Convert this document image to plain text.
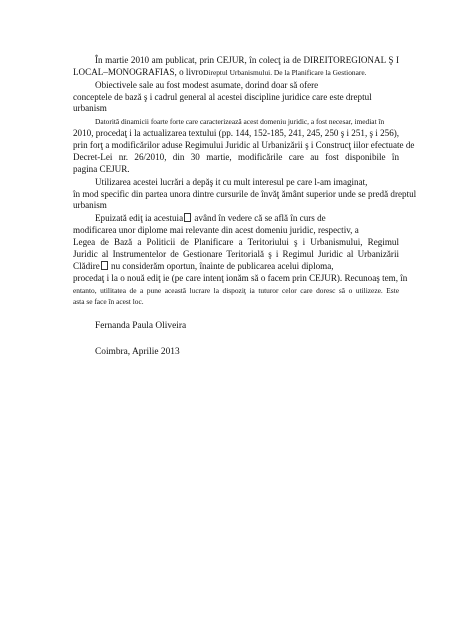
În martie 2010 am publicat, prin CEJUR, în colecţ ia de DIREITOREGIONAL Ş I
LOCAL–MONOGRAFIAS, o livroDireptul Urbanismului. De la Planificare la Gestionare.
Obiectivele sale au fost modest asumate, dorind doar să ofere
conceptele de bază ş i cadrul general al acestei discipline juridice care este dreptul
urbanism
Datorită dinamicii foarte forte care caracterizează acest domeniu juridic, a fost necesar, imediat în
2010, procedaţ i la actualizarea textului (pp. 144, 152-185, 241, 245, 250 ş i 251, ş i 256),
prin forţ a modificărilor aduse Regimului Juridic al Urbanizării ş i Construcţ iilor efectuate de
Decret-Lei nr. 26/2010, din 30 martie, modificările care au fost disponibile în
pagina CEJUR.
Utilizarea acestei lucrări a depăş it cu mult interesul pe care l-am imaginat,
în mod specific din partea unora dintre cursurile de învăţ ământ superior unde se predă dreptul
urbanism
Epuizată ediţ ia acestuia având în vedere că se află în curs de
modificarea unor diplome mai relevante din acest domeniu juridic, respectiv, a
Legea de Bază a Politicii de Planificare a Teritoriului ş i Urbanismului, Regimul
Juridic al Instrumentelor de Gestionare Teritorială ş i Regimul Juridic al Urbanizării
Clădire nu considerăm oportun, înainte de publicarea acelui diploma,
procedaţ i la o nouă ediţ ie (pe care intenţ ionăm să o facem prin CEJUR). Recunoaş tem, în
entanto, utilitatea de a pune această lucrare la dispoziţ ia tuturor celor care doresc să o utilizeze. Este
asta se face în acest loc.
Fernanda Paula Oliveira
Coimbra, Aprilie 2013
